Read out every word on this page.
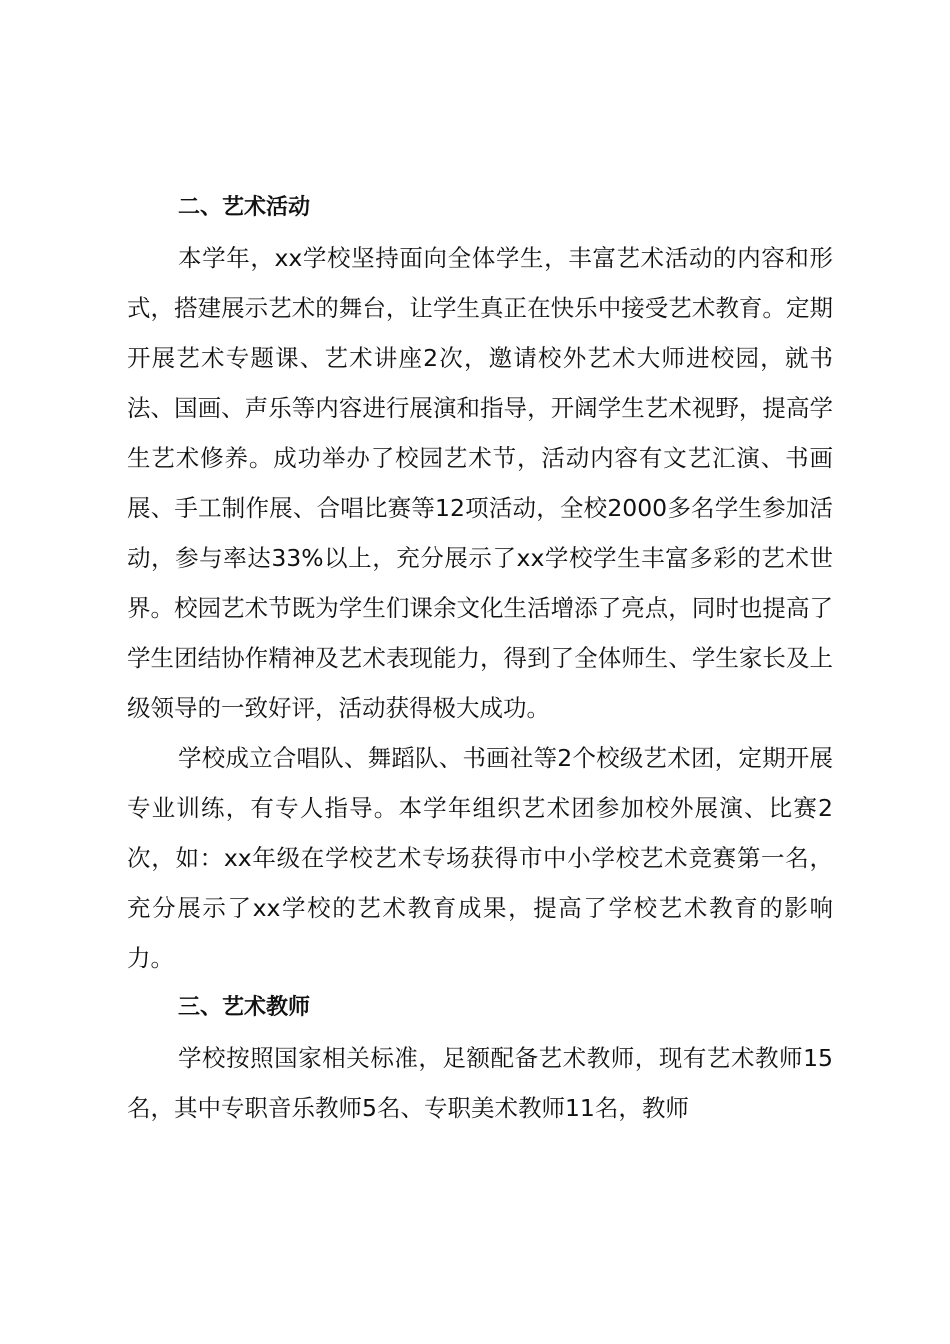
二、艺术活动

本学年，xx学校坚持面向全体学生，丰富艺术活动的内容和形式，搭建展示艺术的舞台，让学生真正在快乐中接受艺术教育。定期开展艺术专题课、艺术讲座2次，邀请校外艺术大师进校园，就书法、国画、声乐等内容进行展演和指导，开阔学生艺术视野，提高学生艺术修养。成功举办了校园艺术节，活动内容有文艺汇演、书画展、手工制作展、合唱比赛等12项活动，全校2000多名学生参加活动，参与率达33%以上，充分展示了xx学校学生丰富多彩的艺术世界。校园艺术节既为学生们课余文化生活增添了亮点，同时也提高了学生团结协作精神及艺术表现能力，得到了全体师生、学生家长及上级领导的一致好评，活动获得极大成功。

学校成立合唱队、舞蹈队、书画社等2个校级艺术团，定期开展专业训练，有专人指导。本学年组织艺术团参加校外展演、比赛2次，如：xx年级在学校艺术专场获得市中小学校艺术竞赛第一名，充分展示了xx学校的艺术教育成果，提高了学校艺术教育的影响力。

三、艺术教师

学校按照国家相关标准，足额配备艺术教师，现有艺术教师15名，其中专职音乐教师5名、专职美术教师11名，教师
